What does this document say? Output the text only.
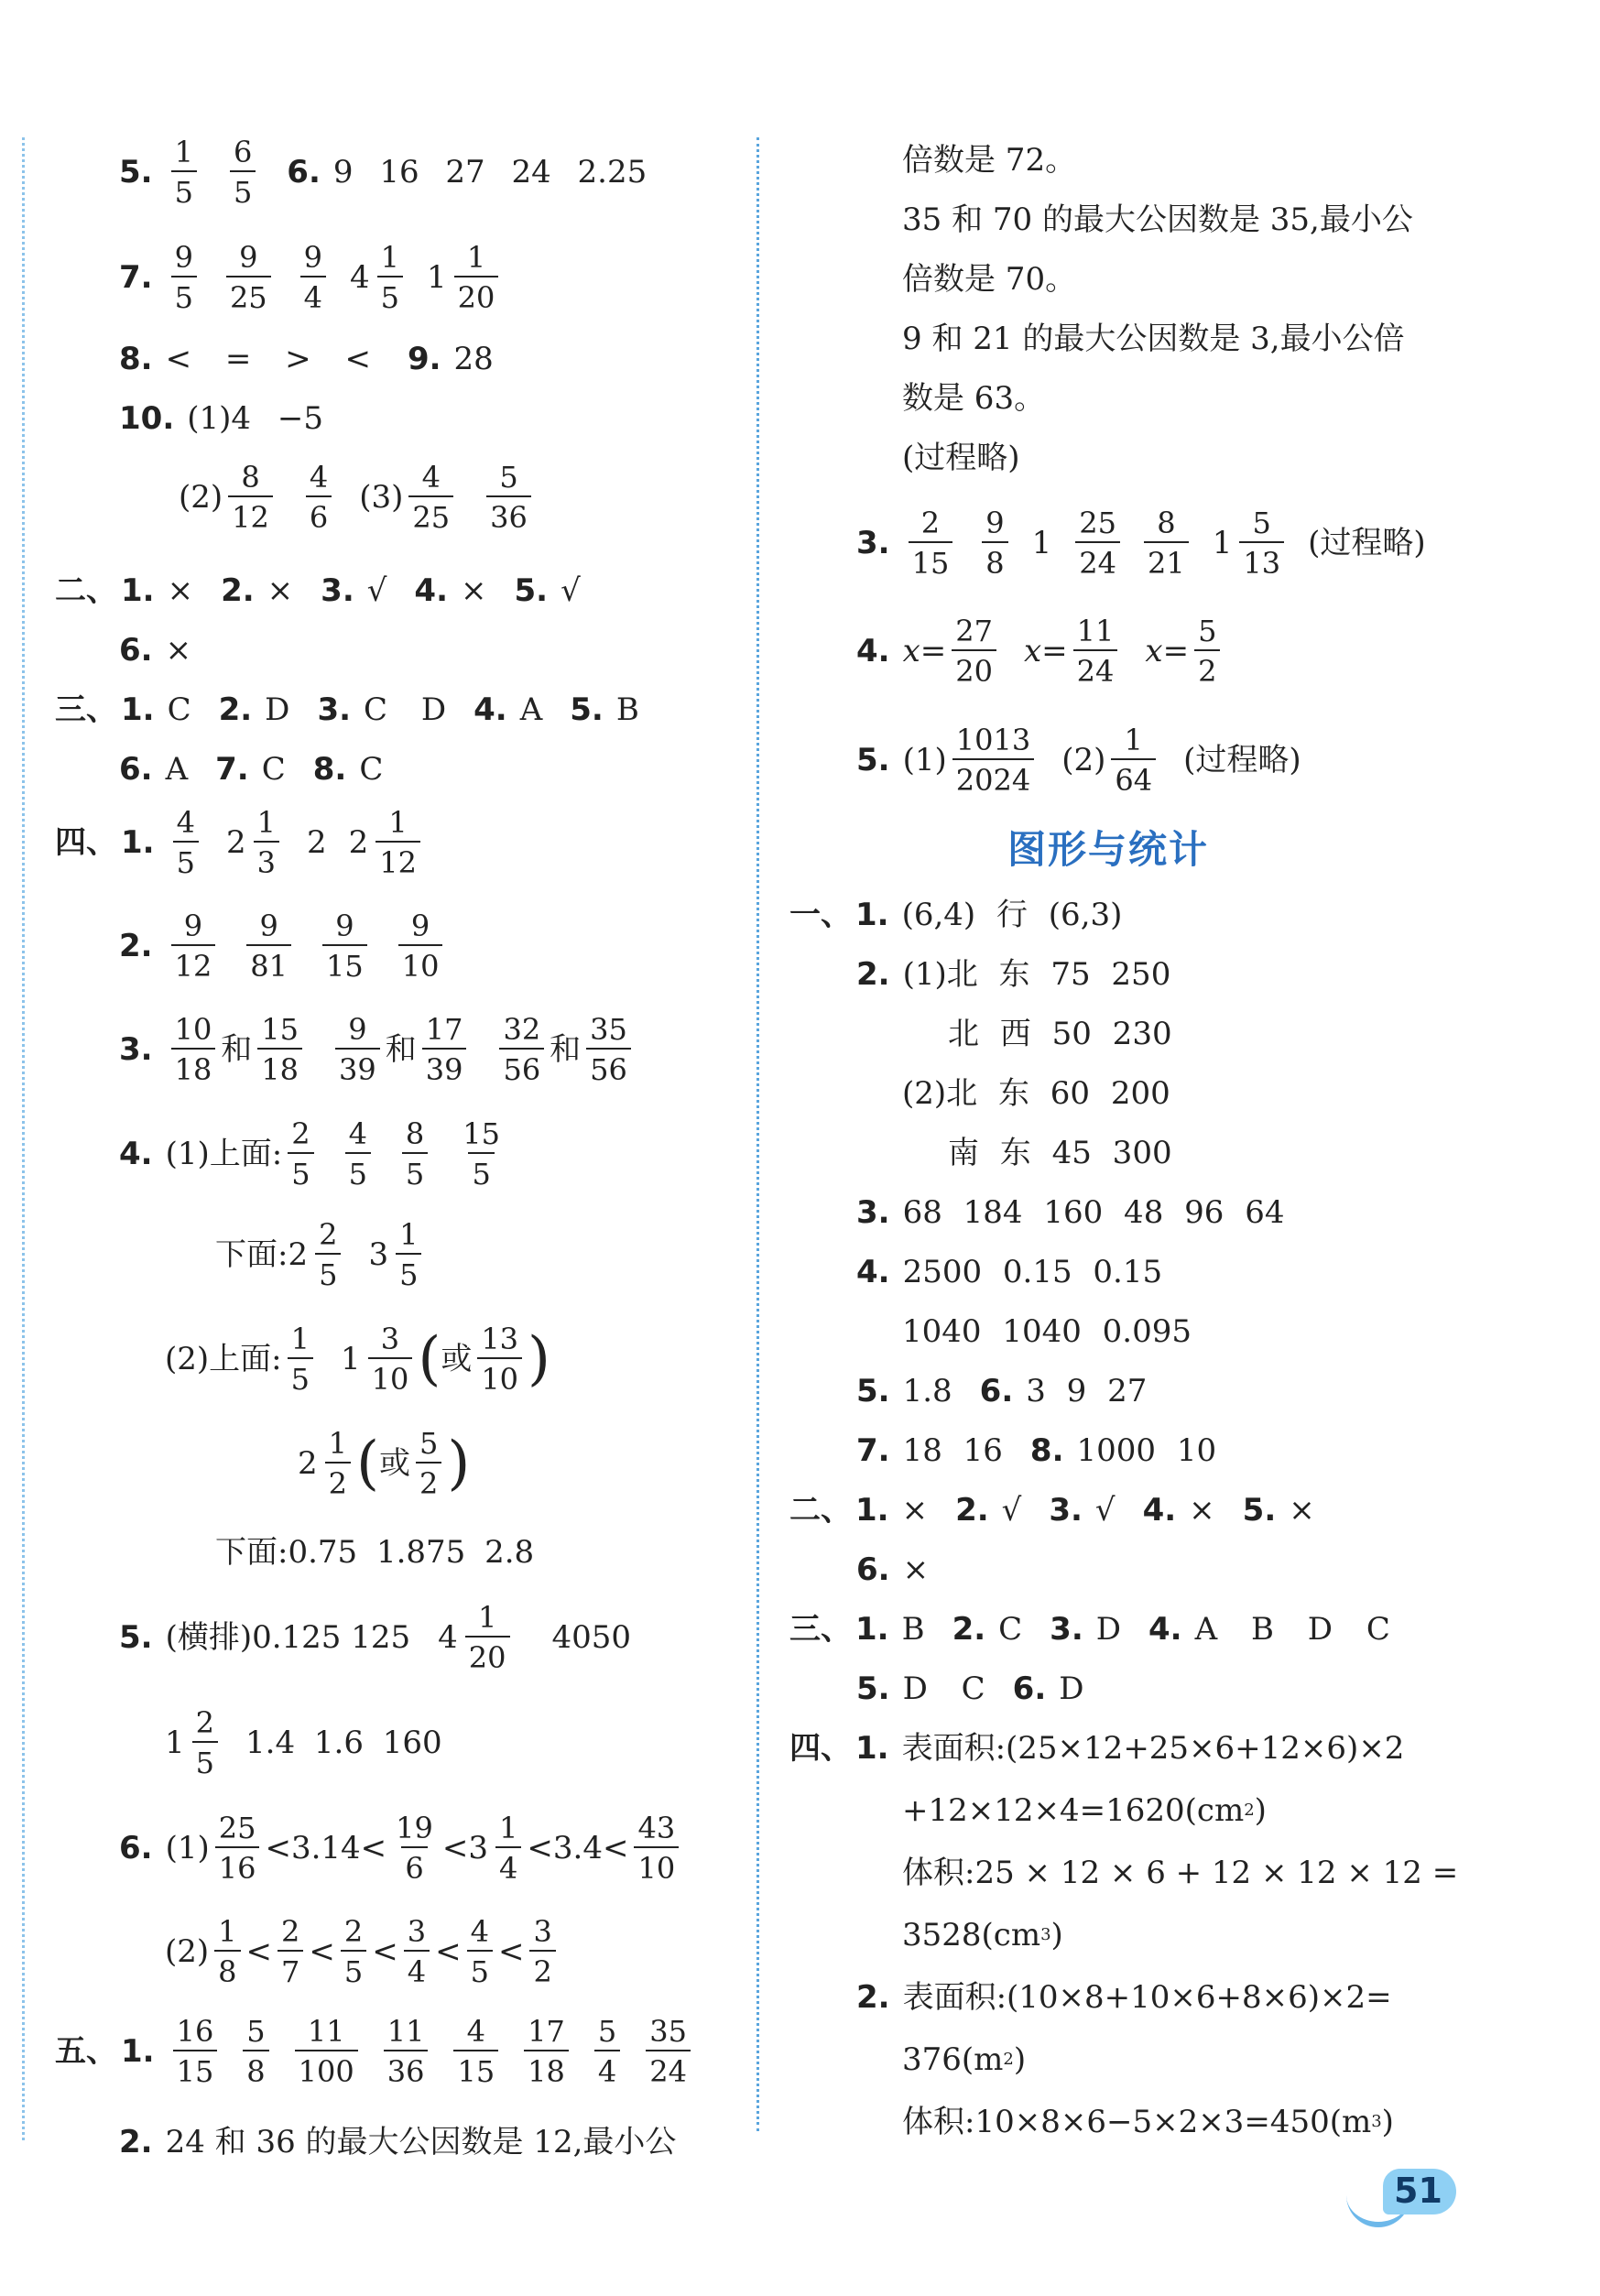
5. $\frac{1}{5} \frac{6}{5} 6$. 9 16 27 24 2.25
7. $\frac{9}{5} \frac{9}{25} \frac{9}{4} 4 \frac{1}{5} 1 \frac{1}{20}$
8. < = > < 9. 28
10. (1)4 −5
$(2) \frac{8}{12} \frac{4}{6} (3) \frac{4}{25} \frac{5}{36}$
二、 1. × 2. × 3. √ 4. × 5. √
6. ×
三、 1. C 2. D 3. C D 4. A 5. B
6. A 7. C 8. C
四、 1. $\frac{4}{5} 2 \frac{1}{3} 2$ $2 \frac{1}{12}$
2. $\frac{9}{12} \frac{9}{81} \frac{9}{15} \frac{9}{10}$
3. $\frac{10}{18}$ 和 $\frac{15}{18} \frac{9}{39}$ 和 $\frac{17}{39} \frac{32}{56}$ 和 $\frac{35}{56}$
4. (1)上面: $\frac{2}{5} \frac{4}{5} \frac{8}{5} \frac{15}{5}$
下面: $2 \frac{2}{5} 3 \frac{1}{5}$
(2)上面: $\frac{1}{5} 1 \frac{3}{10}$ ( 或 $\frac{13}{10}$ )
$2 \frac{1}{2}$ ( 或 $\frac{5}{2}$ )
下面:0.75 1.875 2.8
5. (横排)0.125 125 $4 \frac{1}{20} 4050$
$1 \frac{2}{5} 1.4$ 1.6 160
6. $(1) \frac{25}{16} < 3.14 < \frac{19}{6} < 3 \frac{1}{4} < 3.4 < \frac{43}{10}$
$(2) \frac{1}{8} < \frac{2}{7} < \frac{2}{5} < \frac{3}{4} < \frac{4}{5} < \frac{3}{2}$
五、 1. $\frac{16}{15} \frac{5}{8} \frac{11}{100} \frac{11}{36} \frac{4}{15} \frac{17}{18} \frac{5}{4} \frac{35}{24}$
2. 24 和 36 的最大公因数是 12,最小公
倍数是 72。
35 和 70 的最大公因数是 35,最小公
倍数是 70。
9 和 21 的最大公因数是 3,最小公倍
数是 63。
(过程略)
3. $\frac{2}{15} \frac{9}{8} 1 \frac{25}{24} \frac{8}{21} 1 \frac{5}{13}$ (过程略)
4. $x = \frac{27}{20}$ $x = \frac{11}{24}$ $x = \frac{5}{2}$
5. $(1) \frac{1013}{2024} (2) \frac{1}{64}$ (过程略)
图形与统计
一、 1. (6,4) 行 (6,3)
2. (1)北 东 75 250
北 西 50 230
(2)北 东 60 200
南 东 45 300
3. 68 184 160 48 96 64
4. 2500 0.15 0.15
1040 1040 0.095
5. 1.8 6. 3 9 27
7. 18 16 8. 1000 10
二、 1. × 2. √ 3. √ 4. × 5. ×
6. ×
三、 1. B 2. C 3. D 4. A B D C
5. D C 6. D
四、 1. 表面积:(25×12+25×6+12×6)×2
+12×12×4=1620(cm 2 )
体积:25 × 12 × 6 + 12 × 12 × 12 =
3528(cm 3 )
2. 表面积:(10×8+10×6+8×6)×2=
376(m 2 )
体积:10×8×6−5×2×3=450(m 3 )
51
